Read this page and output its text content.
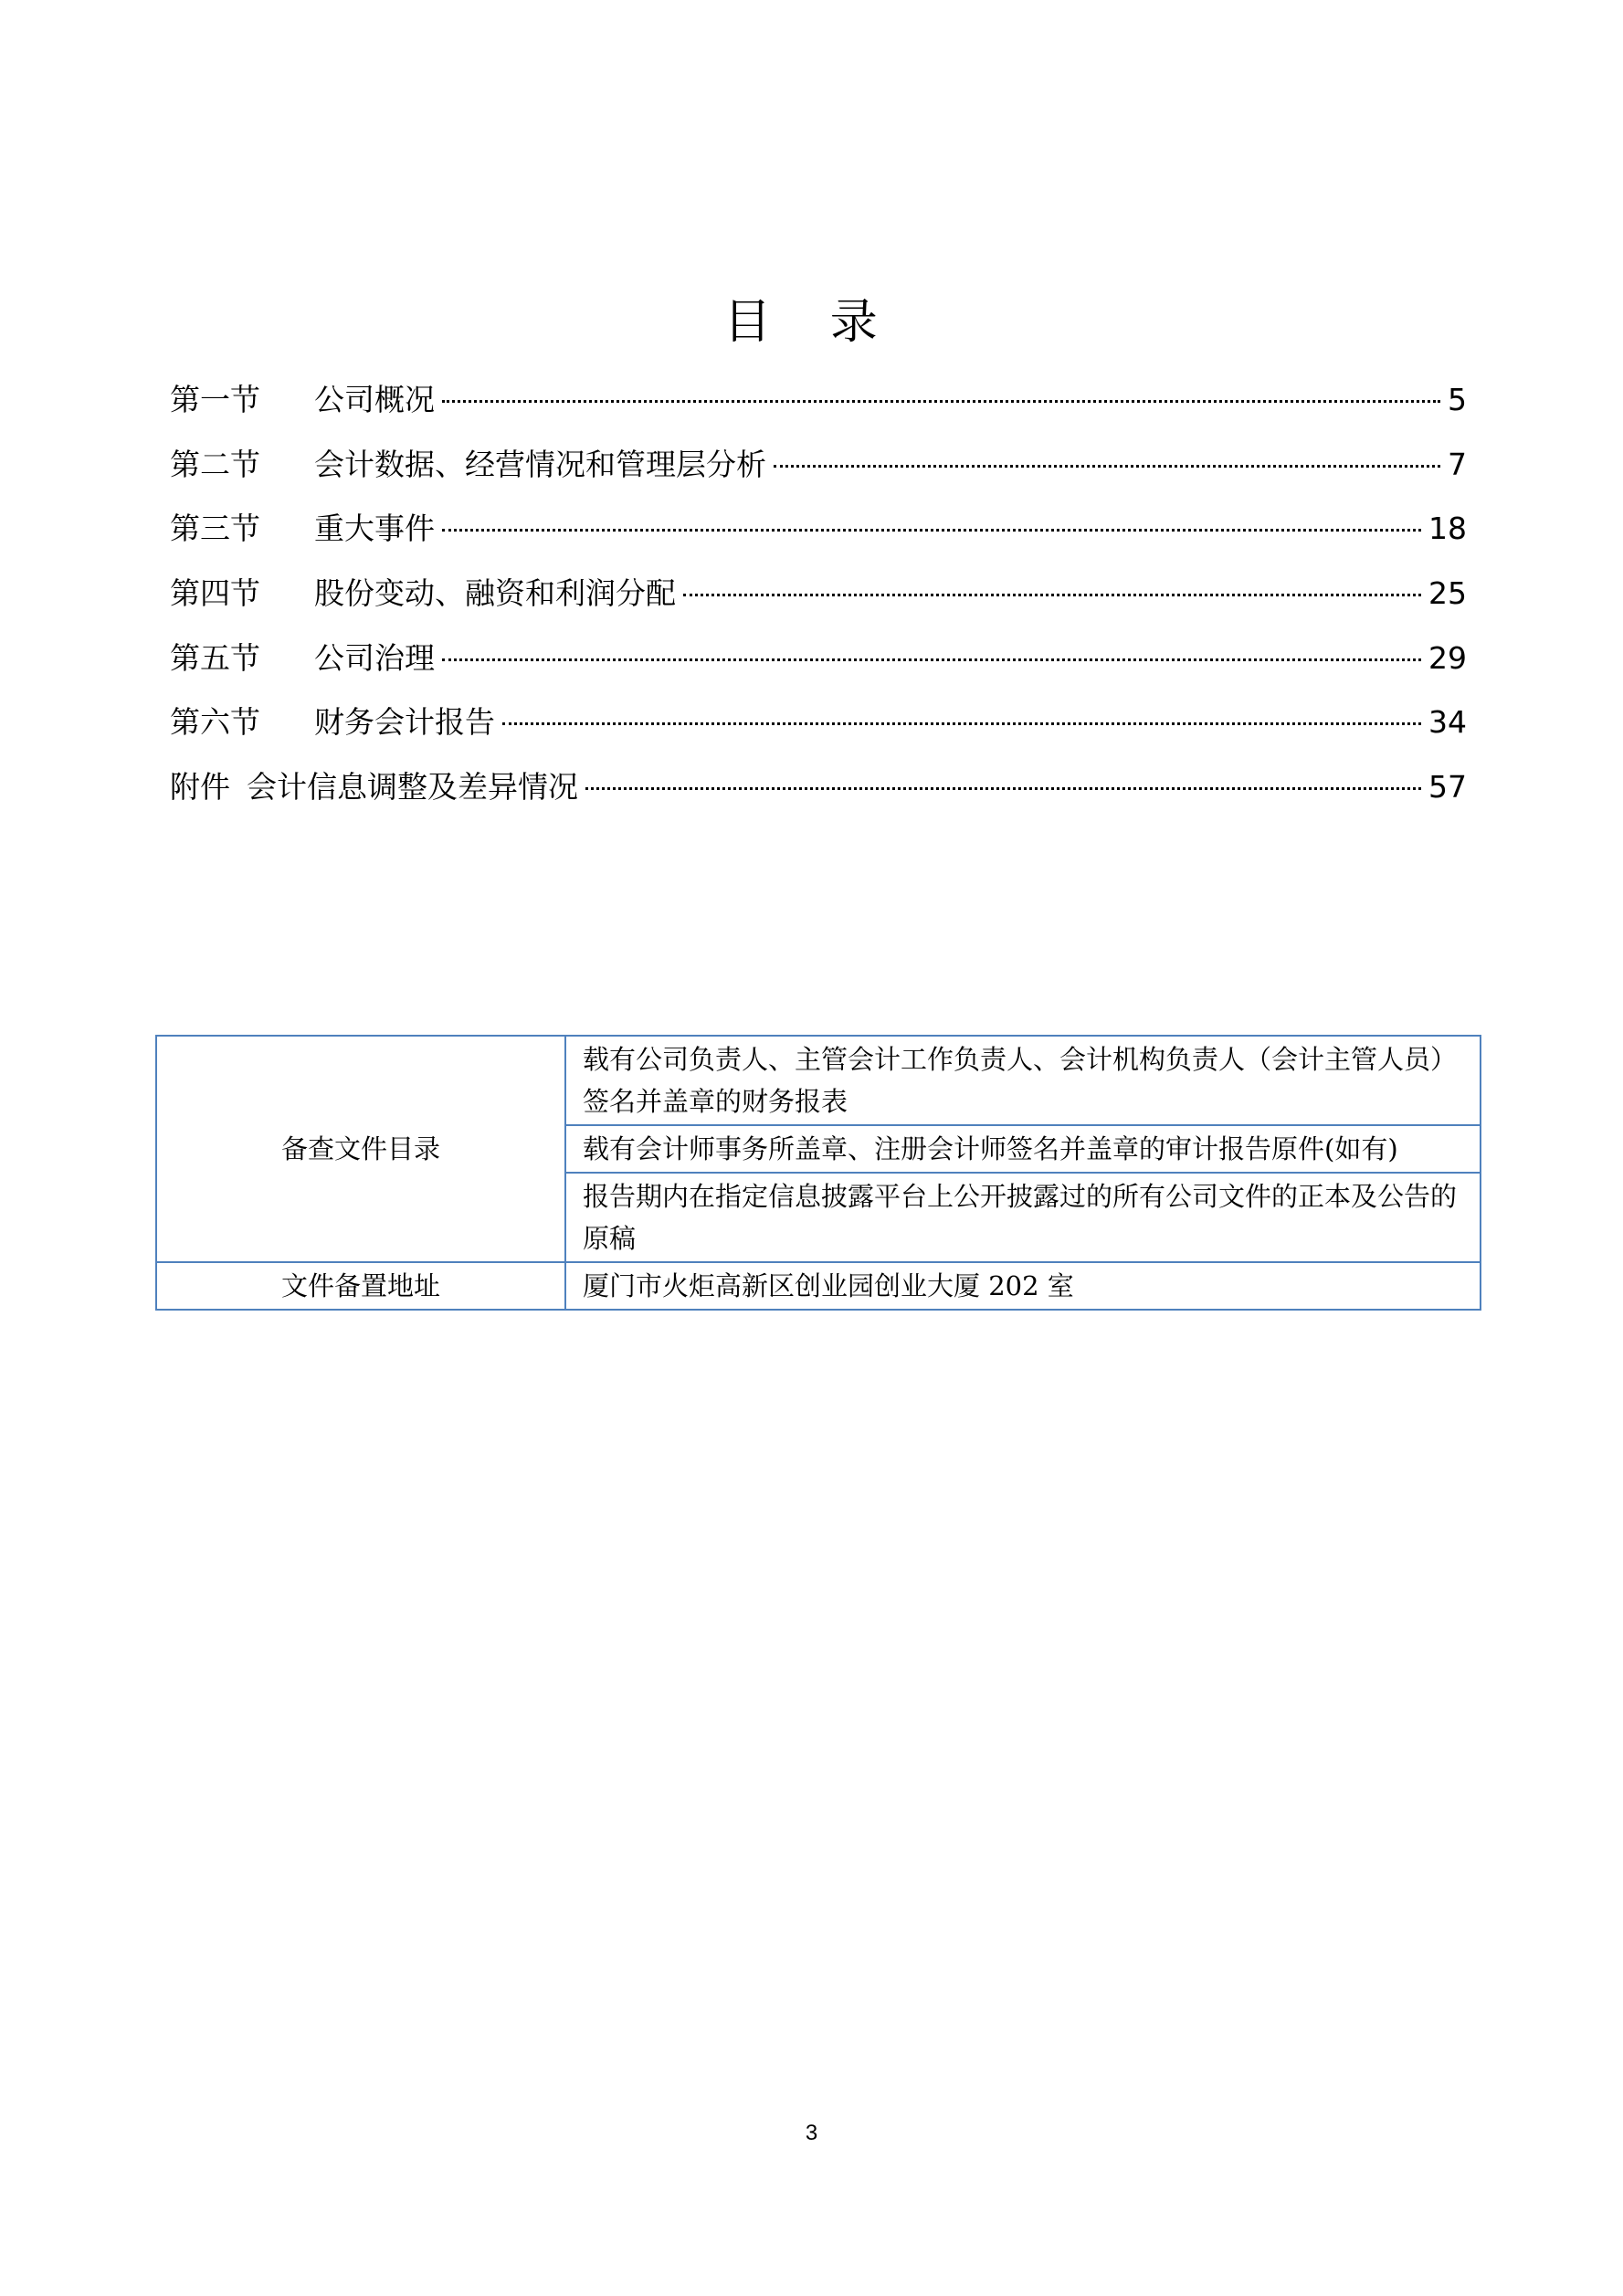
目 录
第一节	公司概况	5
第二节	会计数据、经营情况和管理层分析	7
第三节	重大事件	18
第四节	股份变动、融资和利润分配	25
第五节	公司治理	29
第六节	财务会计报告	34
附件 会计信息调整及差异情况	57
备查文件目录	载有公司负责人、主管会计工作负责人、会计机构负责人（会计主管人员）签名并盖章的财务报表
	载有会计师事务所盖章、注册会计师签名并盖章的审计报告原件(如有)
	报告期内在指定信息披露平台上公开披露过的所有公司文件的正本及公告的原稿
文件备置地址	厦门市火炬高新区创业园创业大厦 202 室
3
